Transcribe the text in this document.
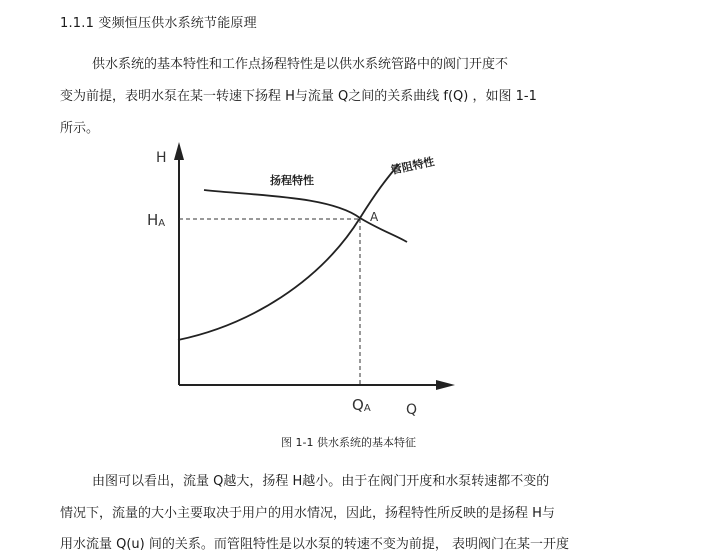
1.1.1 变频恒压供水系统节能原理
供水系统的基本特性和工作点扬程特性是以供水系统管路中的阀门开度不
变为前提，表明水泵在某一转速下扬程 H与流量 Q之间的关系曲线 f(Q) ，如图 1-1
所示。
H
Q
HA
QA
A
扬程特性
管阻特性
图 1-1 供水系统的基本特征
由图可以看出，流量 Q越大，扬程 H越小。由于在阀门开度和水泵转速都不变的
情况下，流量的大小主要取决于用户的用水情况，因此，扬程特性所反映的是扬程 H与
用水流量 Q(u) 间的关系。而管阻特性是以水泵的转速不变为前提， 表明阀门在某一开度
